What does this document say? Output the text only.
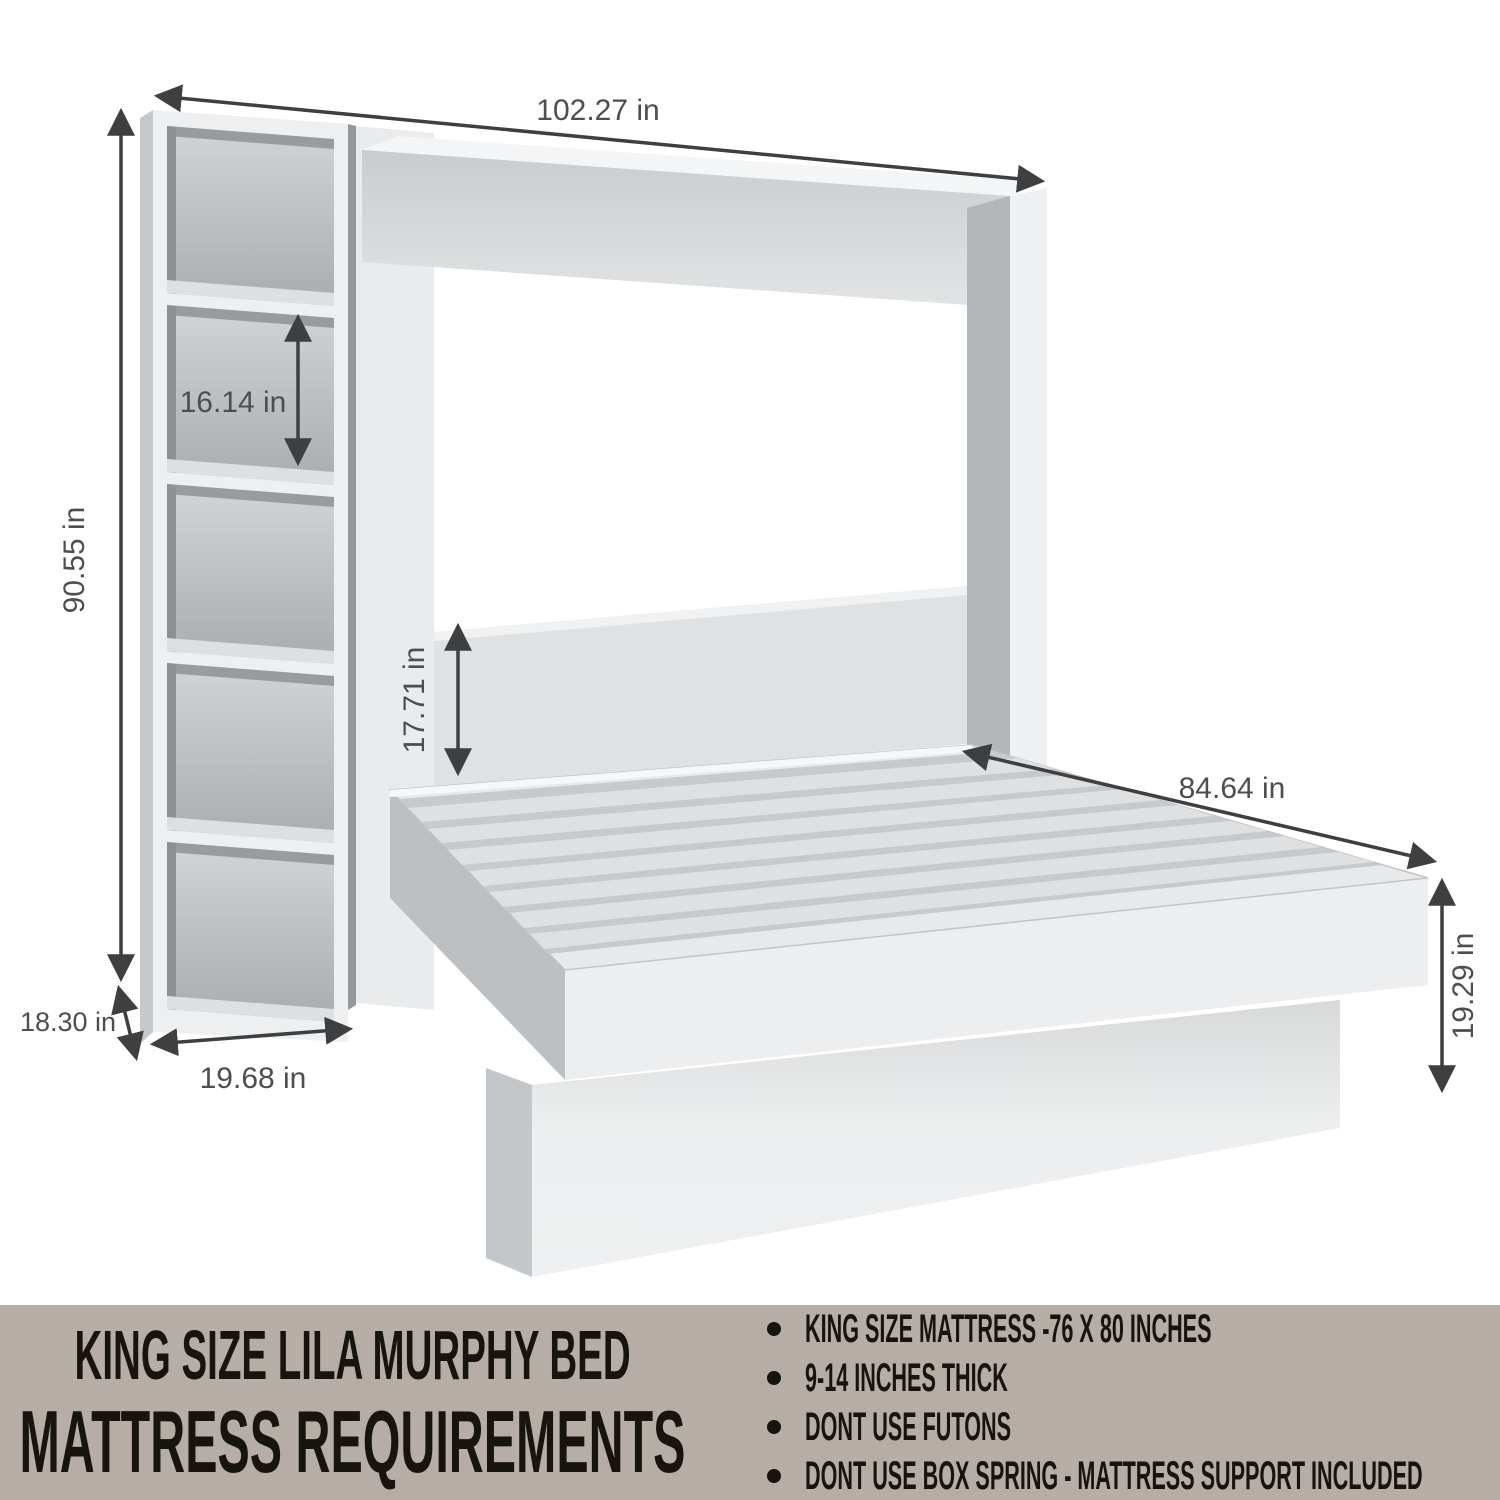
102.27 in
90.55 in
16.14 in
17.71 in
84.64 in
19.29 in
18.30 in
19.68 in
KING SIZE LILA MURPHY BED
MATTRESS REQUIREMENTS
KING SIZE MATTRESS -76 X 80 INCHES
9-14 INCHES THICK
DONT USE FUTONS
DONT USE BOX SPRING - MATTRESS SUPPORT INCLUDED
